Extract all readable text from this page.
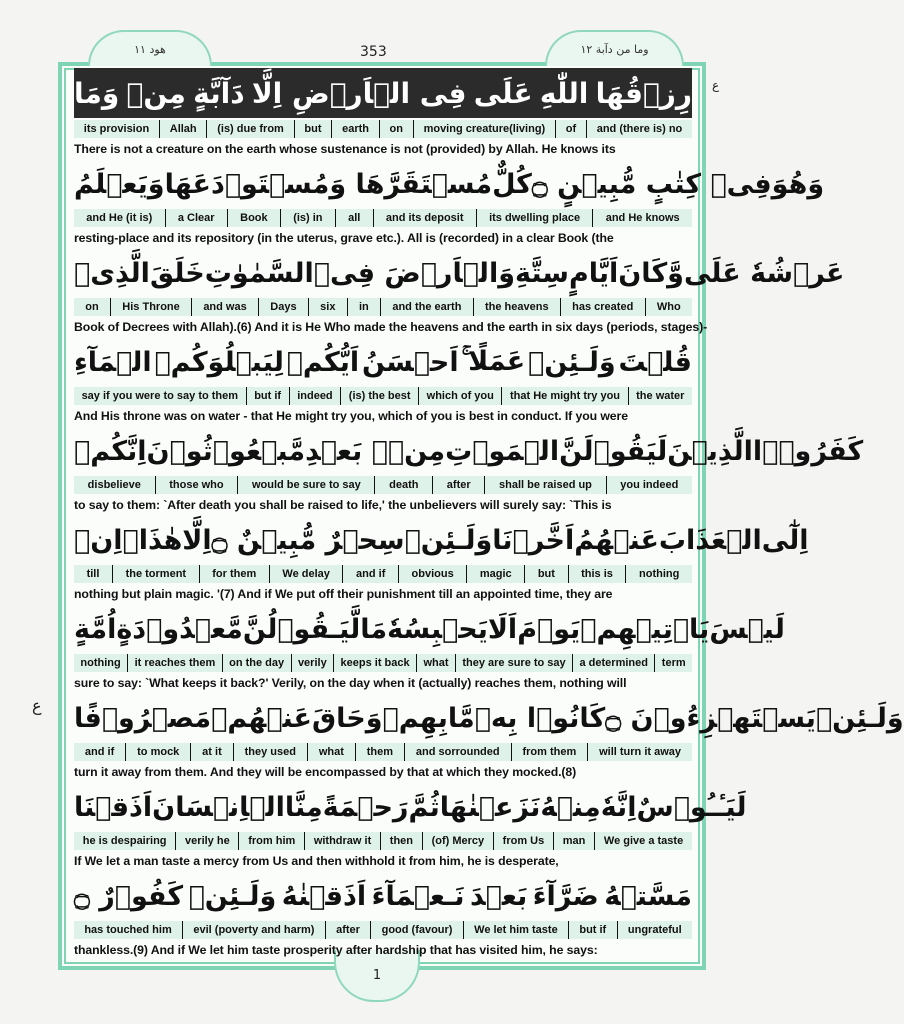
هود ١١	وما من دآبة ١٢
353
ع
ع
1
وَمَا مِنۡ دَآبَّةٍ فِى الۡاَرۡضِ اِلَّا عَلَى اللّٰهِ رِزۡقُهَا
its provision	Allah	(is) due from	but	earth	on	moving creature(living)	of	and (there is) no
There is not a creature on the earth whose sustenance is not (provided) by Allah. He knows its
وَيَعۡلَمُ مُسۡتَقَرَّهَا وَمُسۡتَوۡدَعَهَا كُلٌّ فِىۡ كِتٰبٍ مُّبِيۡنٍ ۝ وَهُوَ
and He (it is)	a Clear	Book	(is) in	all	and its deposit	its dwelling place	and He knows
resting-place and its repository (in the uterus, grave etc.). All is (recorded) in a clear Book (the
الَّذِىۡ خَلَقَ السَّمٰوٰتِ وَالۡاَرۡضَ فِىۡ سِتَّةِ اَيَّامٍ وَّكَانَ عَرۡشُهٗ عَلَى
on	His Throne	and was	Days	six	in	and the earth	the heavens	has created	Who
Book of Decrees with Allah).(6) And it is He Who made the heavens and the earth in six days (periods, stages)-
الۡمَآءِ لِيَبۡلُوَكُمۡ اَيُّكُمۡ اَحۡسَنُ عَمَلًا ۚ وَلَـئِنۡ قُلۡتَ
say if you were to say to them	but if	indeed	(is) the best	which of you	that He might try you	the water
And His throne was on water - that He might try you, which of you is best in conduct. If you were
اِنَّكُمۡ مَّبۡعُوۡثُوۡنَ مِنۡۢ بَعۡدِ الۡمَوۡتِ لَيَقُوۡلَنَّ الَّذِيۡنَ كَفَرُوۡۤا
disbelieve	those who	would be sure to say	death	after	shall be raised up	you indeed
to say to them: `After death you shall be raised to life,' the unbelievers will surely say: `This is
اِنۡ هٰذَاۤ اِلَّا سِحۡرٌ مُّبِيۡنٌ ۝ وَلَـئِنۡ اَخَّرۡنَا عَنۡهُمُ الۡعَذَابَ اِلٰٓى
till	the torment	for them	We delay	and if	obvious	magic	but	this is	nothing
nothing but plain magic. '(7) And if We put off their punishment till an appointed time, they are
اُمَّةٍ مَّعۡدُوۡدَةٍ لَّيَـقُوۡلُنَّ مَا يَحۡبِسُهٗ اَلَا يَوۡمَ يَاۡتِيۡهِمۡ لَيۡسَ
nothing	it reaches them	on the day	verily	keeps it back	what	they are sure to say	a determined	term
sure to say: `What keeps it back?' Verily, on the day when it (actually) reaches them, nothing will
مَصۡرُوۡفًا عَنۡهُمۡ وَحَاقَ بِهِمۡ مَّا كَانُوۡا بِهٖ يَسۡتَهۡزِءُوۡنَ ۝ وَلَـئِنۡ
and if	to mock	at it	they used	what	them	and sorrounded	from them	will turn it away
turn it away from them. And they will be encompassed by that at which they mocked.(8)
اَذَقۡنَا الۡاِنۡسَانَ مِنَّا رَحۡمَةً ثُمَّ نَزَعۡنٰهَا مِنۡهُ اِنَّهٗ لَيَـٔـُوۡسٌ
he is despairing	verily he	from him	withdraw it	then	(of) Mercy	from Us	man	We give a taste
If We let a man taste a mercy from Us and then withhold it from him, he is desperate,
كَفُوۡرٌ ۝ وَلَـئِنۡ اَذَقۡنٰهُ نَـعۡمَآءَ بَعۡدَ ضَرَّآءَ مَسَّتۡهُ
has touched him	evil (poverty and harm)	after	good (favour)	We let him taste	but if	ungrateful
thankless.(9) And if We let him taste prosperity after hardship that has visited him, he says:
